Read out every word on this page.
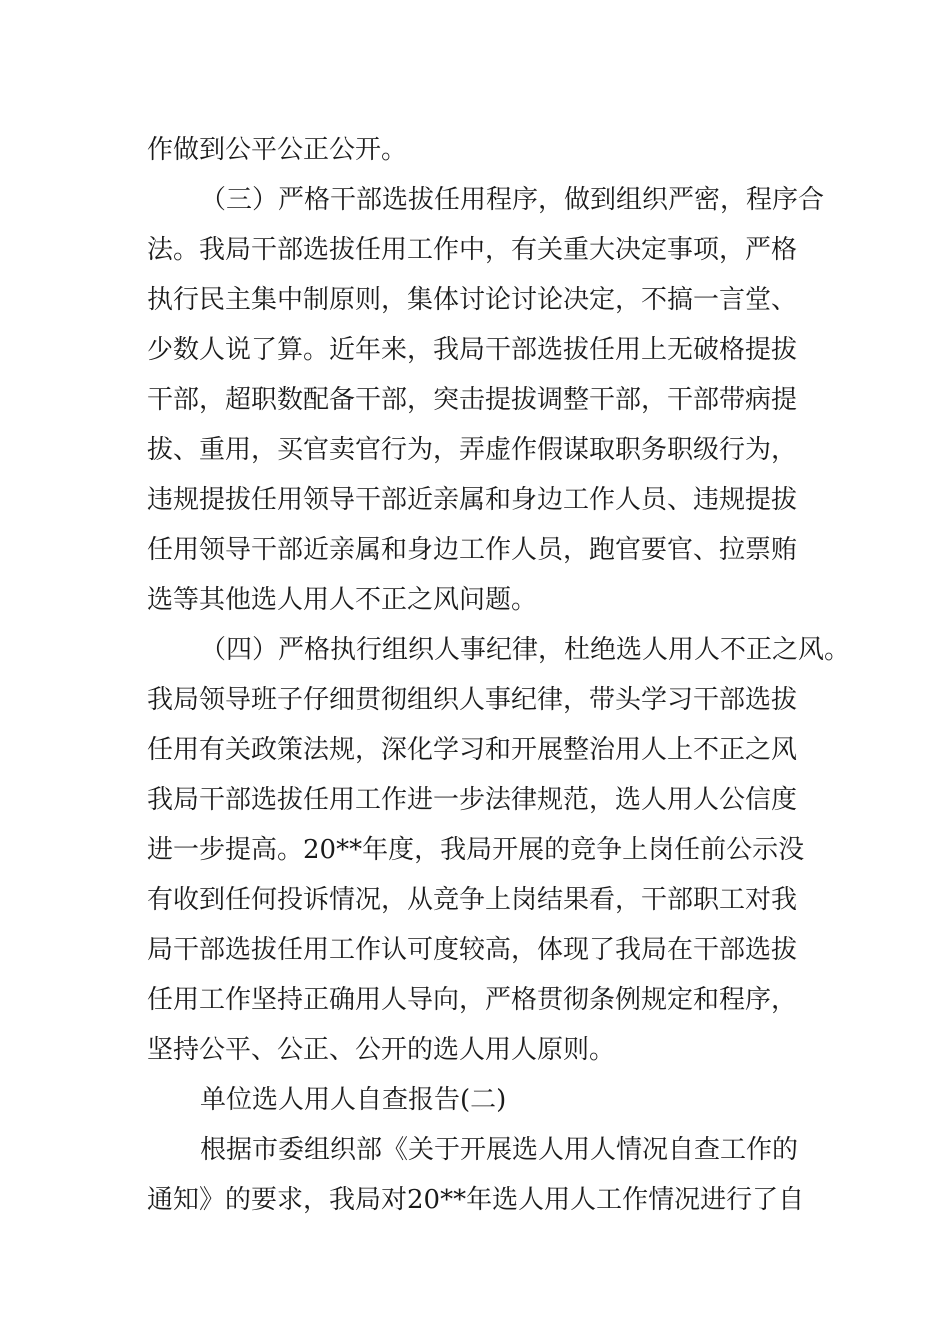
作做到公平公正公开。
（三）严格干部选拔任用程序，做到组织严密，程序合
法。我局干部选拔任用工作中，有关重大决定事项，严格
执行民主集中制原则，集体讨论讨论决定，不搞一言堂、
少数人说了算。近年来，我局干部选拔任用上无破格提拔
干部，超职数配备干部，突击提拔调整干部，干部带病提
拔、重用，买官卖官行为，弄虚作假谋取职务职级行为，
违规提拔任用领导干部近亲属和身边工作人员、违规提拔
任用领导干部近亲属和身边工作人员，跑官要官、拉票贿
选等其他选人用人不正之风问题。
（四）严格执行组织人事纪律，杜绝选人用人不正之风。
我局领导班子仔细贯彻组织人事纪律，带头学习干部选拔
任用有关政策法规，深化学习和开展整治用人上不正之风
我局干部选拔任用工作进一步法律规范，选人用人公信度
进一步提高。20**年度，我局开展的竞争上岗任前公示没
有收到任何投诉情况，从竞争上岗结果看，干部职工对我
局干部选拔任用工作认可度较高，体现了我局在干部选拔
任用工作坚持正确用人导向，严格贯彻条例规定和程序，
坚持公平、公正、公开的选人用人原则。
单位选人用人自查报告(二)
根据市委组织部《关于开展选人用人情况自查工作的
通知》的要求，我局对20**年选人用人工作情况进行了自
